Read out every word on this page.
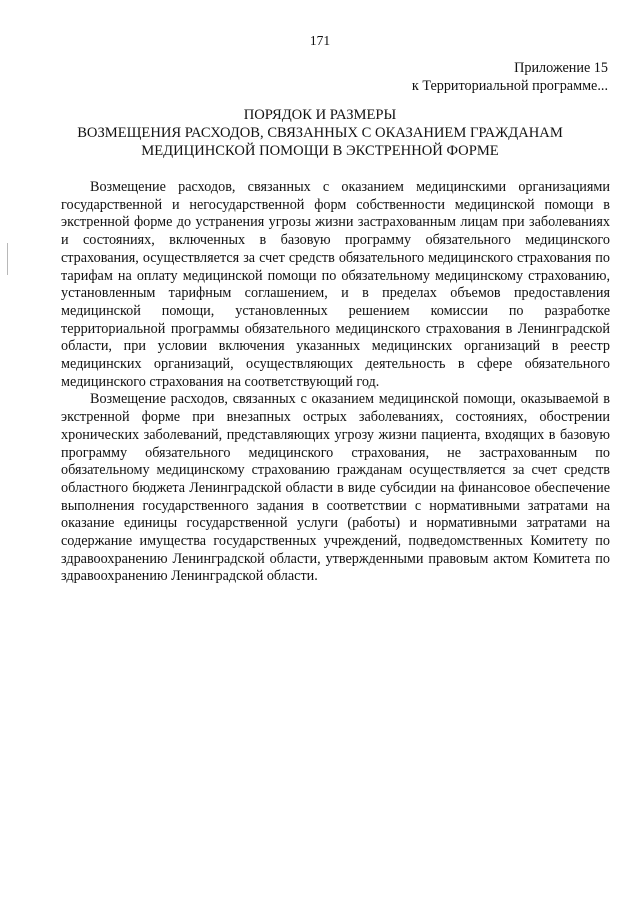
171
Приложение 15
к Территориальной программе...
ПОРЯДОК И РАЗМЕРЫ
ВОЗМЕЩЕНИЯ РАСХОДОВ, СВЯЗАННЫХ С ОКАЗАНИЕМ ГРАЖДАНАМ
МЕДИЦИНСКОЙ ПОМОЩИ В ЭКСТРЕННОЙ ФОРМЕ

Возмещение расходов, связанных с оказанием медицинскими организациями государственной и негосударственной форм собственности медицинской помощи в экстренной форме до устранения угрозы жизни застрахованным лицам при заболеваниях и состояниях, включенных в базовую программу обязательного медицинского страхования, осуществляется за счет средств обязательного медицинского страхования по тарифам на оплату медицинской помощи по обязательному медицинскому страхованию, установленным тарифным соглашением, и в пределах объемов предоставления медицинской помощи, установленных решением комиссии по разработке территориальной программы обязательного медицинского страхования в Ленинградской области, при условии включения указанных медицинских организаций в реестр медицинских организаций, осуществляющих деятельность в сфере обязательного медицинского страхования на соответствующий год.

Возмещение расходов, связанных с оказанием медицинской помощи, оказываемой в экстренной форме при внезапных острых заболеваниях, состояниях, обострении хронических заболеваний, представляющих угрозу жизни пациента, входящих в базовую программу обязательного медицинского страхования, не застрахованным по обязательному медицинскому страхованию гражданам осуществляется за счет средств областного бюджета Ленинградской области в виде субсидии на финансовое обеспечение выполнения государственного задания в соответствии с нормативными затратами на оказание единицы государственной услуги (работы) и нормативными затратами на содержание имущества государственных учреждений, подведомственных Комитету по здравоохранению Ленинградской области, утвержденными правовым актом Комитета по здравоохранению Ленинградской области.
